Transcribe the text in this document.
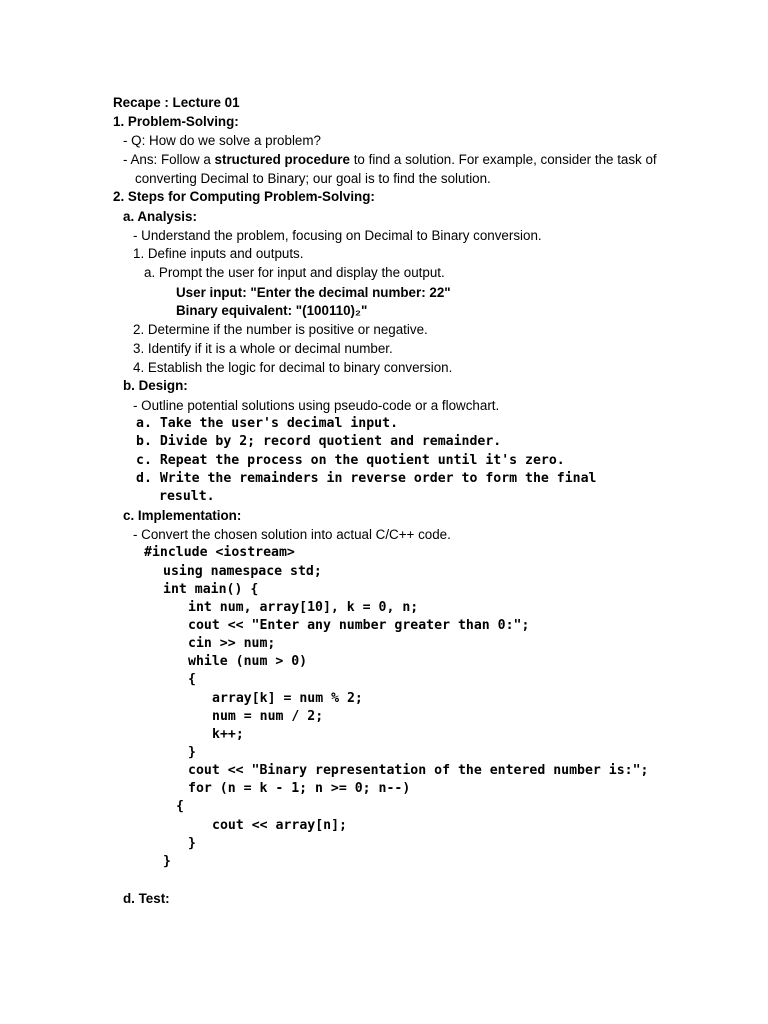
Recape : Lecture 01
1. Problem-Solving:
- Q: How do we solve a problem?
- Ans: Follow a structured procedure to find a solution. For example, consider the task of
converting Decimal to Binary; our goal is to find the solution.
2. Steps for Computing Problem-Solving:
a. Analysis:
- Understand the problem, focusing on Decimal to Binary conversion.
1. Define inputs and outputs.
a. Prompt the user for input and display the output.
User input: "Enter the decimal number: 22"
Binary equivalent: "(100110)₂"
2. Determine if the number is positive or negative.
3. Identify if it is a whole or decimal number.
4. Establish the logic for decimal to binary conversion.
b. Design:
- Outline potential solutions using pseudo-code or a flowchart.
a. Take the user's decimal input.
b. Divide by 2; record quotient and remainder.
c. Repeat the process on the quotient until it's zero.
d. Write the remainders in reverse order to form the final
result.
c. Implementation:
- Convert the chosen solution into actual C/C++ code.
#include <iostream>
using namespace std;
int main() {
int num, array[10], k = 0, n;
cout << "Enter any number greater than 0:";
cin >> num;
while (num > 0)
{
array[k] = num % 2;
num = num / 2;
k++;
}
cout << "Binary representation of the entered number is:";
for (n = k - 1; n >= 0; n--)
{
cout << array[n];
}
}
d. Test:
